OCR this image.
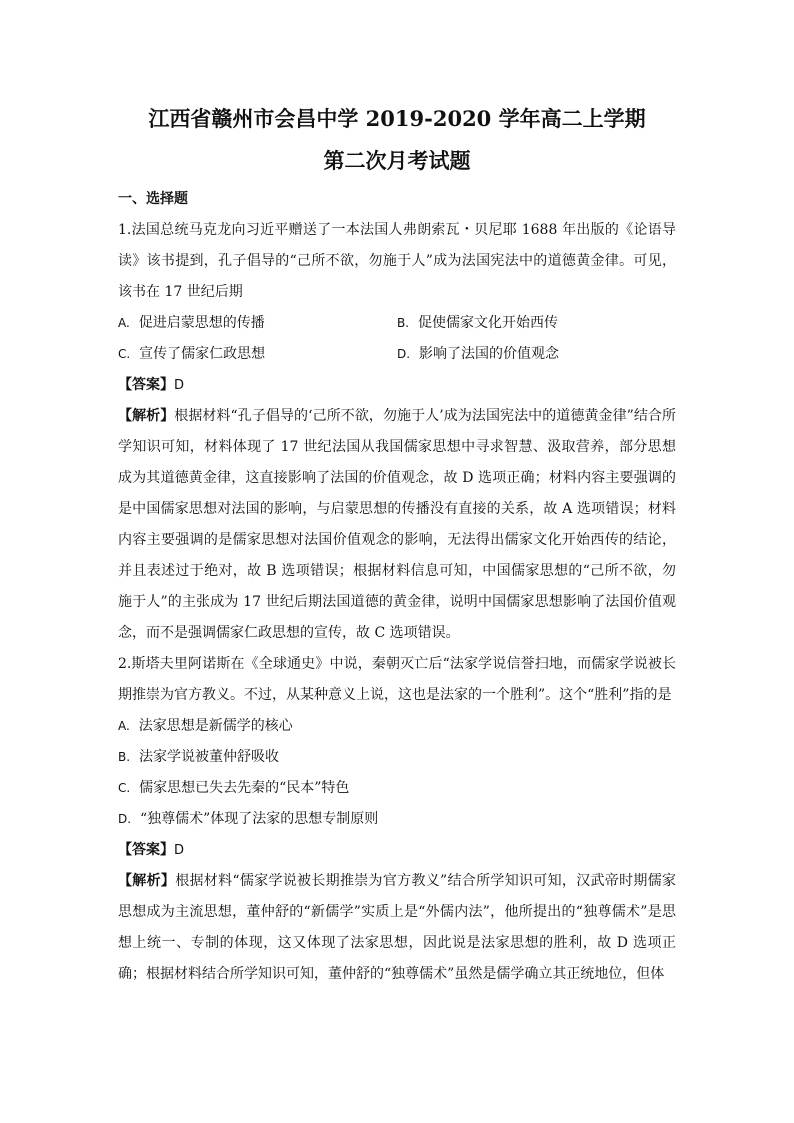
江西省赣州市会昌中学 2019-2020 学年高二上学期
第二次月考试题

一、选择题

1.法国总统马克龙向习近平赠送了一本法国人弗朗索瓦・贝尼耶 1688 年出版的《论语导读》该书提到，孔子倡导的“己所不欲，勿施于人”成为法国宪法中的道德黄金律。可见，该书在 17 世纪后期

A. 促进启蒙思想的传播	B. 促使儒家文化开始西传
C. 宣传了儒家仁政思想	D. 影响了法国的价值观念

【答案】D

【解析】根据材料“孔子倡导的‘己所不欲，勿施于人’成为法国宪法中的道德黄金律”结合所学知识可知，材料体现了 17 世纪法国从我国儒家思想中寻求智慧、汲取营养，部分思想成为其道德黄金律，这直接影响了法国的价值观念，故 D 选项正确；材料内容主要强调的是中国儒家思想对法国的影响，与启蒙思想的传播没有直接的关系，故 A 选项错误；材料内容主要强调的是儒家思想对法国价值观念的影响，无法得出儒家文化开始西传的结论，并且表述过于绝对，故 B 选项错误；根据材料信息可知，中国儒家思想的“己所不欲，勿施于人”的主张成为 17 世纪后期法国道德的黄金律，说明中国儒家思想影响了法国价值观念，而不是强调儒家仁政思想的宣传，故 C 选项错误。

2.斯塔夫里阿诺斯在《全球通史》中说，秦朝灭亡后“法家学说信誉扫地，而儒家学说被长期推崇为官方教义。不过，从某种意义上说，这也是法家的一个胜利”。这个“胜利”指的是

A. 法家思想是新儒学的核心
B. 法家学说被董仲舒吸收
C. 儒家思想已失去先秦的“民本”特色
D. “独尊儒术”体现了法家的思想专制原则

【答案】D

【解析】根据材料“儒家学说被长期推崇为官方教义”结合所学知识可知，汉武帝时期儒家思想成为主流思想，董仲舒的“新儒学”实质上是“外儒内法”，他所提出的“独尊儒术”是思想上统一、专制的体现，这又体现了法家思想，因此说是法家思想的胜利，故 D 选项正确；根据材料结合所学知识可知，董仲舒的“独尊儒术”虽然是儒学确立其正统地位，但体
